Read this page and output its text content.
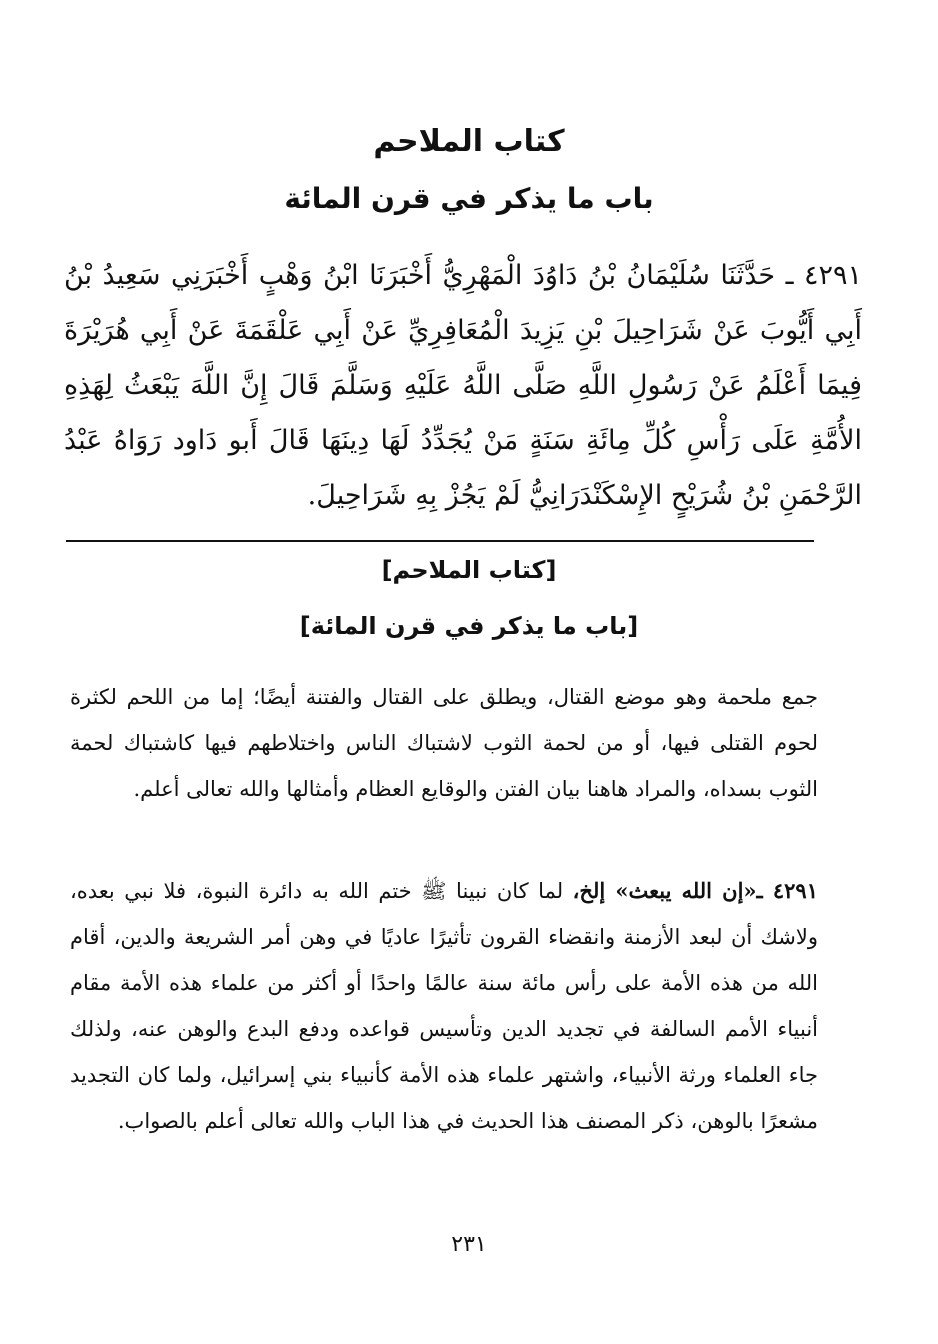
كتاب الملاحم
باب ما يذكر في قرن المائة

٤٢٩١ ـ حَدَّثَنَا سُلَيْمَانُ بْنُ دَاوُدَ الْمَهْرِيُّ أَخْبَرَنَا ابْنُ وَهْبٍ أَخْبَرَنِي سَعِيدُ بْنُ أَبِي أَيُّوبَ عَنْ شَرَاحِيلَ بْنِ يَزِيدَ الْمُعَافِرِيِّ عَنْ أَبِي عَلْقَمَةَ عَنْ أَبِي هُرَيْرَةَ فِيمَا أَعْلَمُ عَنْ رَسُولِ اللَّهِ صَلَّى اللَّهُ عَلَيْهِ وَسَلَّمَ قَالَ إِنَّ اللَّهَ يَبْعَثُ لِهَذِهِ الأُمَّةِ عَلَى رَأْسِ كُلِّ مِائَةِ سَنَةٍ مَنْ يُجَدِّدُ لَهَا دِينَهَا قَالَ أَبو دَاود رَوَاهُ عَبْدُ الرَّحْمَنِ بْنُ شُرَيْحٍ الإِسْكَنْدَرَانِيُّ لَمْ يَجُزْ بِهِ شَرَاحِيلَ.

[كتاب الملاحم]
[باب ما يذكر في قرن المائة]

جمع ملحمة وهو موضع القتال، ويطلق على القتال والفتنة أيضًا؛ إما من اللحم لكثرة لحوم القتلى فيها، أو من لحمة الثوب لاشتباك الناس واختلاطهم فيها كاشتباك لحمة الثوب بسداه، والمراد هاهنا بيان الفتن والوقايع العظام وأمثالها والله تعالى أعلم.

٤٢٩١ ـ«إن الله يبعث» إلخ، لما كان نبينا ﷺ ختم الله به دائرة النبوة، فلا نبي بعده، ولاشك أن لبعد الأزمنة وانقضاء القرون تأثيرًا عاديًا في وهن أمر الشريعة والدين، أقام الله من هذه الأمة على رأس مائة سنة عالمًا واحدًا أو أكثر من علماء هذه الأمة مقام أنبياء الأمم السالفة في تجديد الدين وتأسيس قواعده ودفع البدع والوهن عنه، ولذلك جاء العلماء ورثة الأنبياء، واشتهر علماء هذه الأمة كأنبياء بني إسرائيل، ولما كان التجديد مشعرًا بالوهن، ذكر المصنف هذا الحديث في هذا الباب والله تعالى أعلم بالصواب.

٢٣١
